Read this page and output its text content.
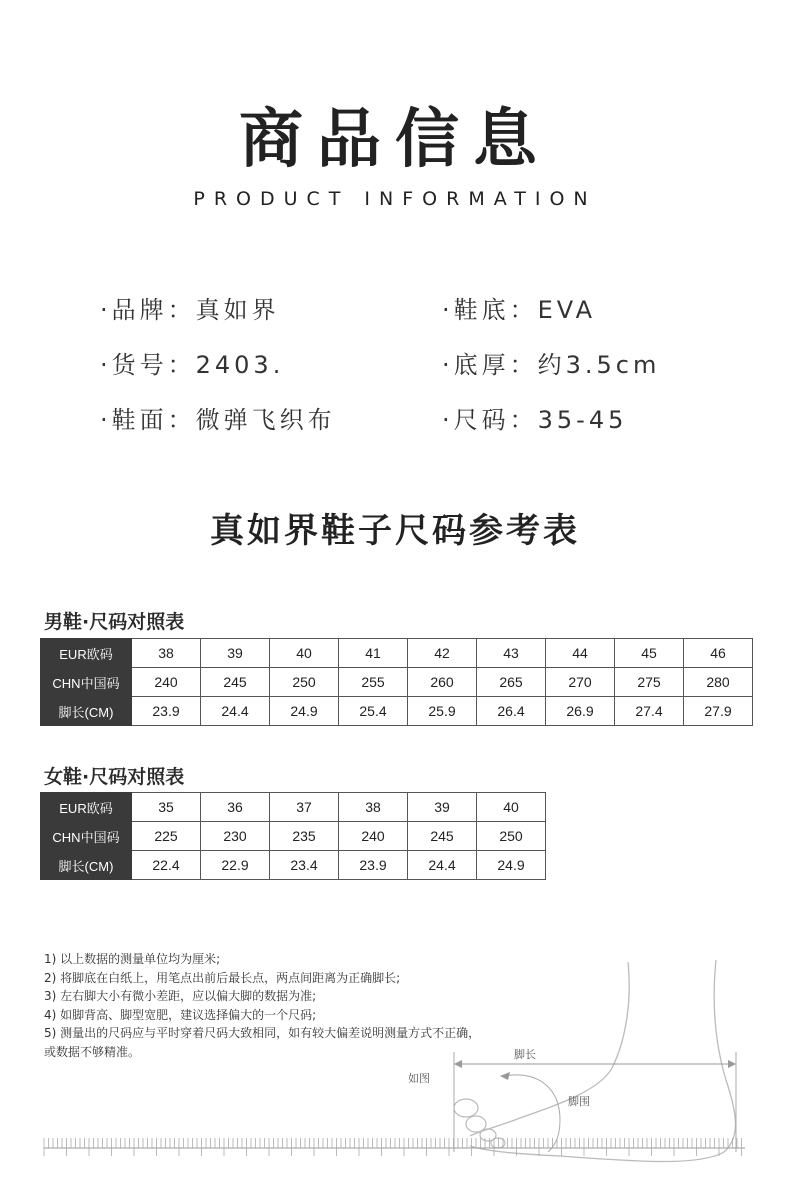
商品信息
PRODUCT INFORMATION
·品牌：真如界	·鞋底：EVA
·货号：2403.	·底厚：约3.5cm
·鞋面：微弹飞织布	·尺码：35-45
真如界鞋子尺码参考表
男鞋·尺码对照表
EUR欧码	38	39	40	41	42	43	44	45	46
CHN中国码	240	245	250	255	260	265	270	275	280
脚长(CM)	23.9	24.4	24.9	25.4	25.9	26.4	26.9	27.4	27.9
女鞋·尺码对照表
EUR欧码	35	36	37	38	39	40
CHN中国码	225	230	235	240	245	250
脚长(CM)	22.4	22.9	23.4	23.9	24.4	24.9
1) 以上数据的测量单位均为厘米;
2) 将脚底在白纸上，用笔点出前后最长点，两点间距离为正确脚长;
3) 左右脚大小有微小差距，应以偏大脚的数据为准;
4) 如脚背高、脚型宽肥，建议选择偏大的一个尺码;
5) 测量出的尺码应与平时穿着尺码大致相同，如有较大偏差说明测量方式不正确，
或数据不够精准。	脚长
如图
脚围
